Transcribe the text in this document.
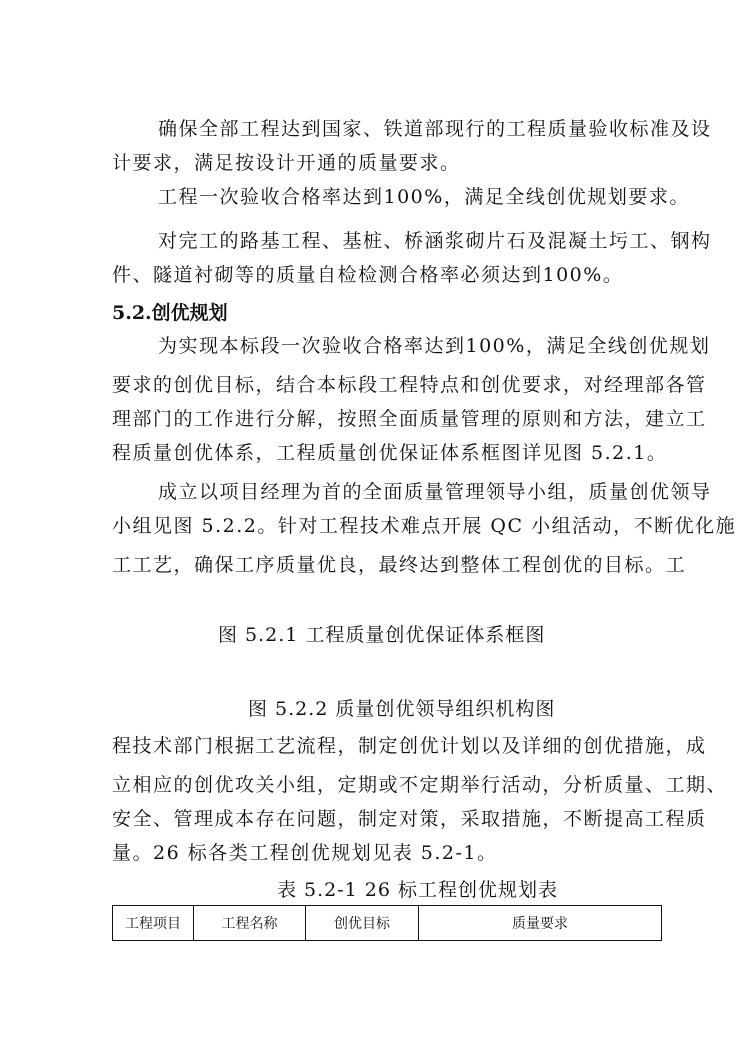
确保全部工程达到国家、铁道部现行的工程质量验收标准及设
计要求，满足按设计开通的质量要求。
工程一次验收合格率达到100%，满足全线创优规划要求。
对完工的路基工程、基桩、桥涵浆砌片石及混凝土圬工、钢构
件、隧道衬砌等的质量自检检测合格率必须达到100%。
5.2.创优规划
为实现本标段一次验收合格率达到100%，满足全线创优规划
要求的创优目标，结合本标段工程特点和创优要求，对经理部各管
理部门的工作进行分解，按照全面质量管理的原则和方法，建立工
程质量创优体系，工程质量创优保证体系框图详见图 5.2.1。
成立以项目经理为首的全面质量管理领导小组，质量创优领导
小组见图 5.2.2。针对工程技术难点开展 QC 小组活动，不断优化施
工工艺，确保工序质量优良，最终达到整体工程创优的目标。工
图 5.2.1 工程质量创优保证体系框图
图 5.2.2 质量创优领导组织机构图
程技术部门根据工艺流程，制定创优计划以及详细的创优措施，成
立相应的创优攻关小组，定期或不定期举行活动，分析质量、工期、
安全、管理成本存在问题，制定对策，采取措施，不断提高工程质
量。26 标各类工程创优规划见表 5.2-1。
表 5.2-1 26 标工程创优规划表
工程项目	工程名称	创优目标	质量要求
